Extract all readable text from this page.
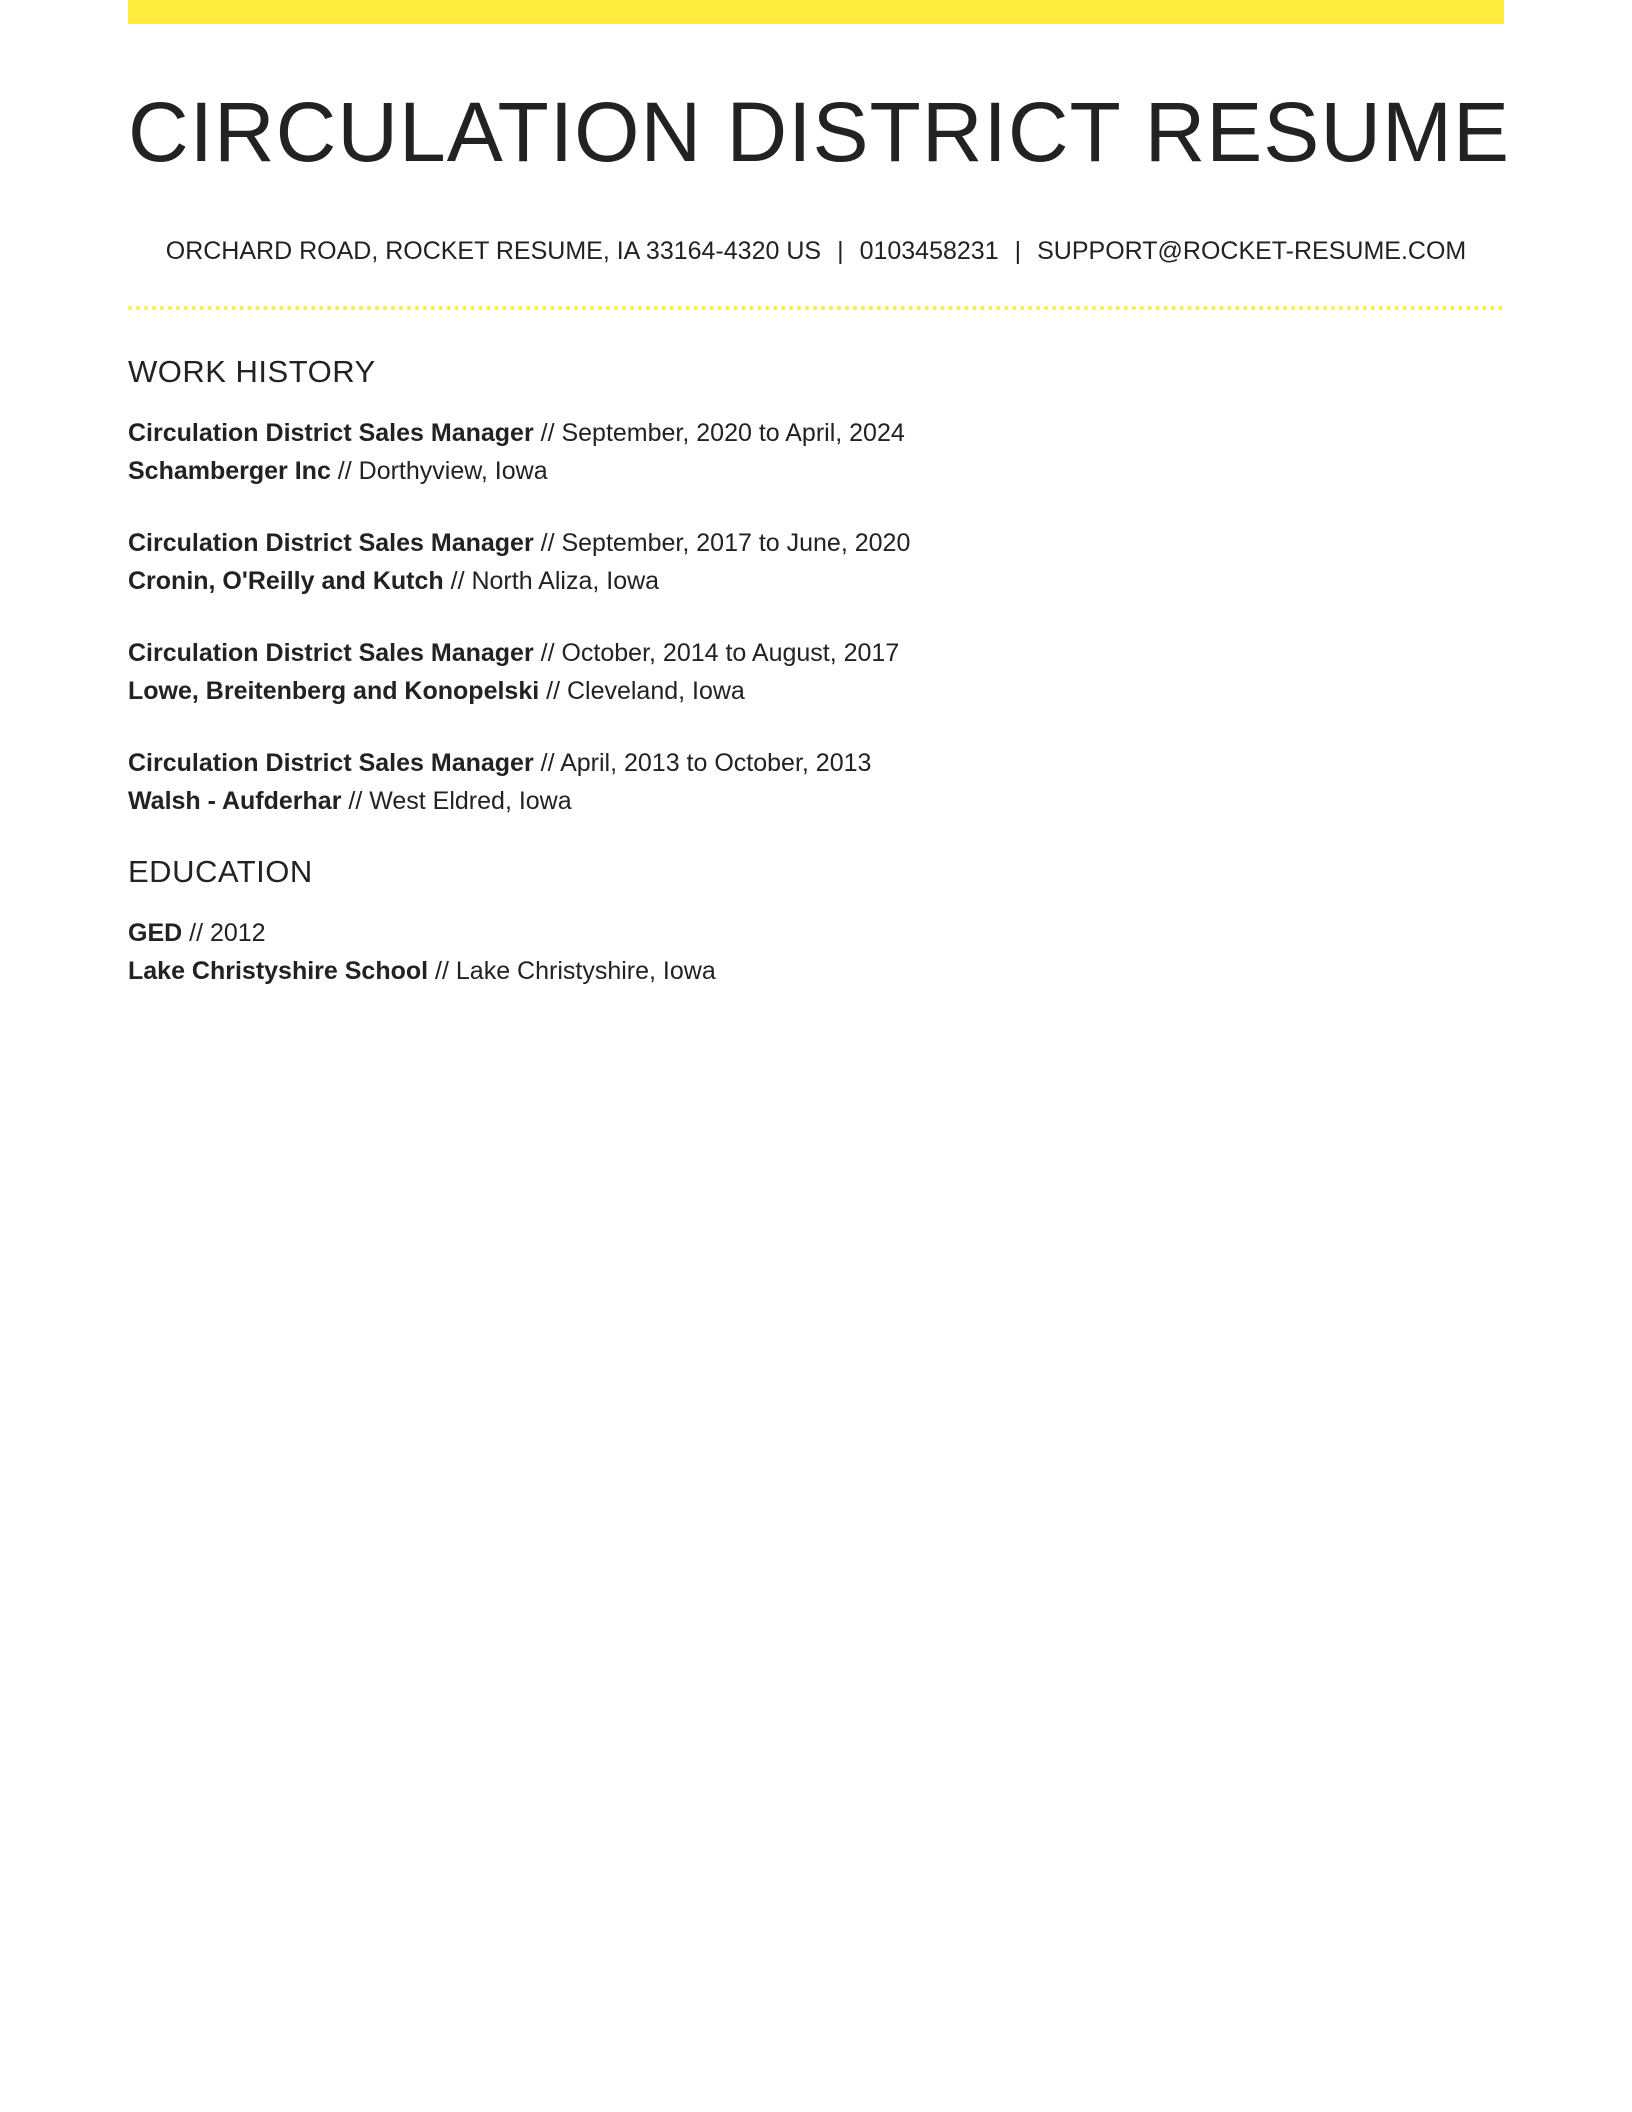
CIRCULATION DISTRICT RESUME
ORCHARD ROAD, ROCKET RESUME, IA 33164-4320 US | 0103458231 | SUPPORT@ROCKET-RESUME.COM
WORK HISTORY
Circulation District Sales Manager // September, 2020 to April, 2024
Schamberger Inc // Dorthyview, Iowa
Circulation District Sales Manager // September, 2017 to June, 2020
Cronin, O'Reilly and Kutch // North Aliza, Iowa
Circulation District Sales Manager // October, 2014 to August, 2017
Lowe, Breitenberg and Konopelski // Cleveland, Iowa
Circulation District Sales Manager // April, 2013 to October, 2013
Walsh - Aufderhar // West Eldred, Iowa
EDUCATION
GED // 2012
Lake Christyshire School // Lake Christyshire, Iowa
